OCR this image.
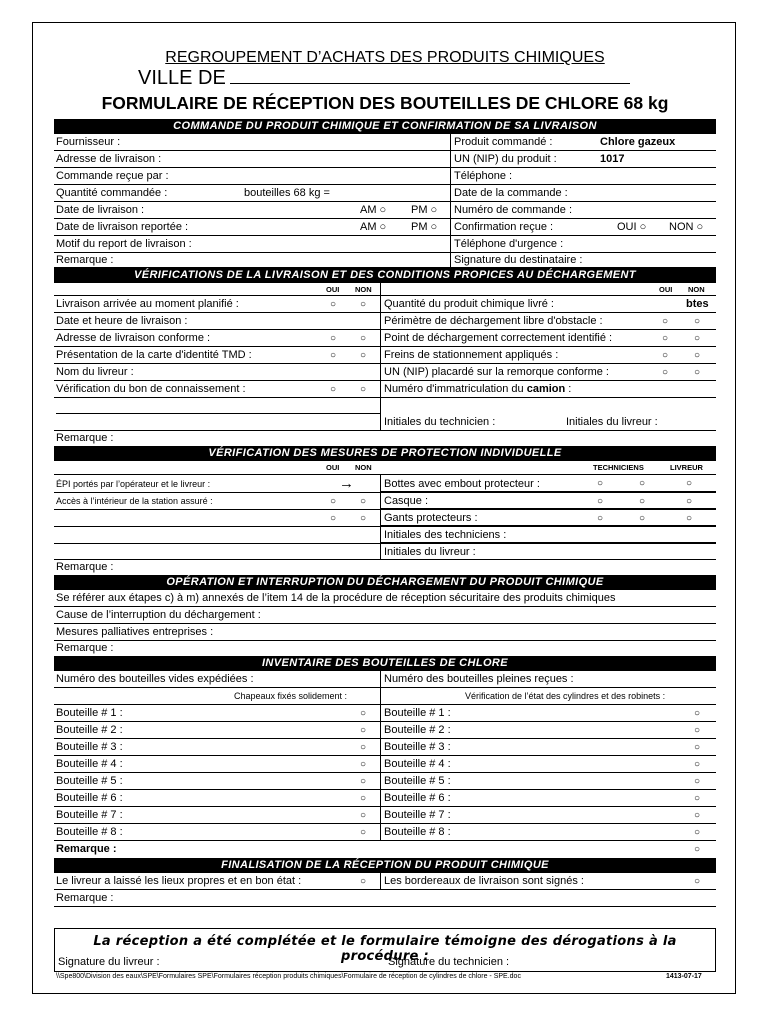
REGROUPEMENT D’ACHATS DES PRODUITS CHIMIQUES
VILLE DE
FORMULAIRE DE RÉCEPTION DES BOUTEILLES DE CHLORE 68 kg
COMMANDE DU PRODUIT CHIMIQUE ET CONFIRMATION DE SA LIVRAISON
Fournisseur :	Produit commandé :	Chlore gazeux
Adresse de livraison :	UN (NIP) du produit :	1017
Commande reçue par :	Téléphone :
Quantité commandée :	bouteilles 68 kg =	Date de la commande :
Date de livraison :	AM ○ PM ○	Numéro de commande :
Date de livraison reportée :	AM ○ PM ○	Confirmation reçue :	OUI ○ NON ○
Motif du report de livraison :	Téléphone d'urgence :
Remarque :	Signature du destinataire :
VÉRIFICATIONS DE LA LIVRAISON ET DES CONDITIONS PROPICES AU DÉCHARGEMENT
OUI NON	OUI NON
Livraison arrivée au moment planifié :	○ ○	Quantité du produit chimique livré :	btes
Date et heure de livraison :	Périmètre de déchargement libre d'obstacle :	○	○
Adresse de livraison conforme :	○ ○	Point de déchargement correctement identifié :	○	○
Présentation de la carte d'identité TMD :	○ ○	Freins de stationnement appliqués :	○	○
Nom du livreur :	UN (NIP) placardé sur la remorque conforme :	○	○
Vérification du bon de connaissement :	○ ○	Numéro d'immatriculation du camion :
Initiales du technicien :	Initiales du livreur :
Remarque :
VÉRIFICATION DES MESURES DE PROTECTION INDIVIDUELLE
OUI NON	TECHNICIENS	LIVREUR
ÉPI portés par l’opérateur et le livreur :	→	Bottes avec embout protecteur :	○	○	○
Accès à l’intérieur de la station assuré :	○ ○	Casque :	○	○	○
○ ○	Gants protecteurs :	○	○	○
Initiales des techniciens :
Initiales du livreur :
Remarque :
OPÉRATION ET INTERRUPTION DU DÉCHARGEMENT DU PRODUIT CHIMIQUE
Se référer aux étapes c) à m) annexés de l’item 14 de la procédure de réception sécuritaire des produits chimiques
Cause de l’interruption du déchargement :
Mesures palliatives entreprises :
Remarque :
INVENTAIRE DES BOUTEILLES DE CHLORE
Numéro des bouteilles vides expédiées :	Numéro des bouteilles pleines reçues :
Chapeaux fixés solidement :	Vérification de l’état des cylindres et des robinets :
Bouteille # 1 :	○	Bouteille # 1 :	○
Bouteille # 2 :	○	Bouteille # 2 :	○
Bouteille # 3 :	○	Bouteille # 3 :	○
Bouteille # 4 :	○	Bouteille # 4 :	○
Bouteille # 5 :	○	Bouteille # 5 :	○
Bouteille # 6 :	○	Bouteille # 6 :	○
Bouteille # 7 :	○	Bouteille # 7 :	○
Bouteille # 8 :	○	Bouteille # 8 :	○
Remarque :	○
FINALISATION DE LA RÉCEPTION DU PRODUIT CHIMIQUE
Le livreur a laissé les lieux propres et en bon état :	○	Les bordereaux de livraison sont signés :	○
Remarque :
La réception a été complétée et le formulaire témoigne des dérogations à la procédure :
Signature du livreur :	Signature du technicien :
\\Spe800\Division des eaux\SPE\Formulaires SPE\Formulaires réception produits chimiques\Formulaire de réception de cylindres de chlore - SPE.doc	1413-07-17
